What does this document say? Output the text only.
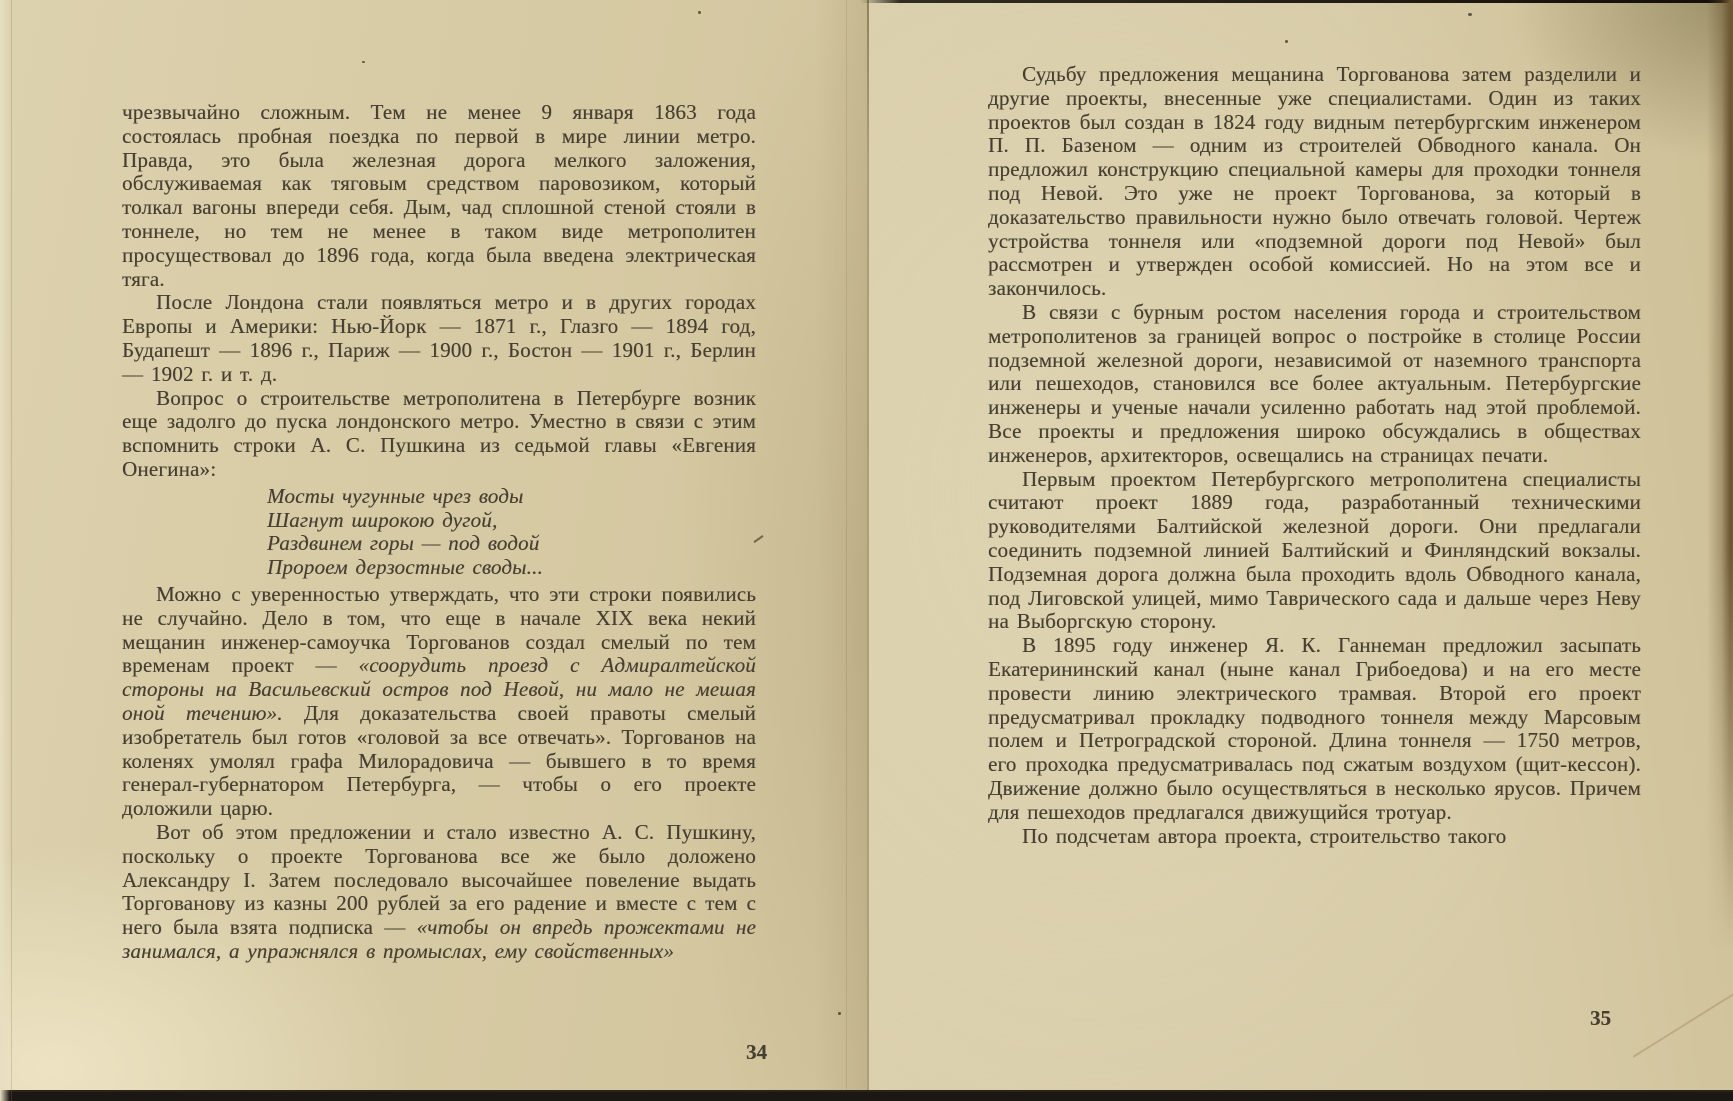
чрезвычайно сложным. Тем не менее 9 января 1863 года состоялась пробная поездка по первой в мире линии метро. Правда, это была железная дорога мелкого заложения, обслуживаемая как тяговым средством паровозиком, который толкал вагоны впереди себя. Дым, чад сплошной стеной стояли в тоннеле, но тем не менее в таком виде метрополитен просуществовал до 1896 года, когда была введена электрическая тяга.

После Лондона стали появляться метро и в других городах Европы и Америки: Нью-Йорк — 1871 г., Глазго — 1894 год, Будапешт — 1896 г., Париж — 1900 г., Бостон — 1901 г., Берлин — 1902 г. и т. д.

Вопрос о строительстве метрополитена в Петербурге возник еще задолго до пуска лондонского метро. Уместно в связи с этим вспомнить строки А. С. Пушкина из седьмой главы «Евгения Онегина»:

Мосты чугунные чрез воды
Шагнут широкою дугой,
Раздвинем горы — под водой
Пророем дерзостные своды...

Можно с уверенностью утверждать, что эти строки появились не случайно. Дело в том, что еще в начале XIX века некий мещанин инженер-самоучка Торгованов создал смелый по тем временам проект — «соорудить проезд с Адмиралтейской стороны на Васильевский остров под Невой, ни мало не мешая оной течению». Для доказательства своей правоты смелый изобретатель был готов «головой за все отвечать». Торгованов на коленях умолял графа Милорадовича — бывшего в то время генерал-губернатором Петербурга, — чтобы о его проекте доложили царю.

Вот об этом предложении и стало известно А. С. Пушкину, поскольку о проекте Торгованова все же было доложено Александру I. Затем последовало высочайшее повеление выдать Торгованову из казны 200 рублей за его радение и вместе с тем с него была взята подписка — «чтобы он впредь прожектами не занимался, а упражнялся в промыслах, ему свойственных»

34

Судьбу предложения мещанина Торгованова затем разделили и другие проекты, внесенные уже специалистами. Один из таких проектов был создан в 1824 году видным петербургским инженером П. П. Базеном — одним из строителей Обводного канала. Он предложил конструкцию специальной камеры для проходки тоннеля под Невой. Это уже не проект Торгованова, за который в доказательство правильности нужно было отвечать головой. Чертеж устройства тоннеля или «подземной дороги под Невой» был рассмотрен и утвержден особой комиссией. Но на этом все и закончилось.

В связи с бурным ростом населения города и строительством метрополитенов за границей вопрос о постройке в столице России подземной железной дороги, независимой от наземного транспорта или пешеходов, становился все более актуальным. Петербургские инженеры и ученые начали усиленно работать над этой проблемой. Все проекты и предложения широко обсуждались в обществах инженеров, архитекторов, освещались на страницах печати.

Первым проектом Петербургского метрополитена специалисты считают проект 1889 года, разработанный техническими руководителями Балтийской железной дороги. Они предлагали соединить подземной линией Балтийский и Финляндский вокзалы. Подземная дорога должна была проходить вдоль Обводного канала, под Лиговской улицей, мимо Таврического сада и дальше через Неву на Выборгскую сторону.

В 1895 году инженер Я. К. Ганнеман предложил засыпать Екатерининский канал (ныне канал Грибоедова) и на его месте провести линию электрического трамвая. Второй его проект предусматривал прокладку подводного тоннеля между Марсовым полем и Петроградской стороной. Длина тоннеля — 1750 метров, его проходка предусматривалась под сжатым воздухом (щит-кессон). Движение должно было осуществляться в несколько ярусов. Причем для пешеходов предлагался движущийся тротуар.

По подсчетам автора проекта, строительство такого

35
